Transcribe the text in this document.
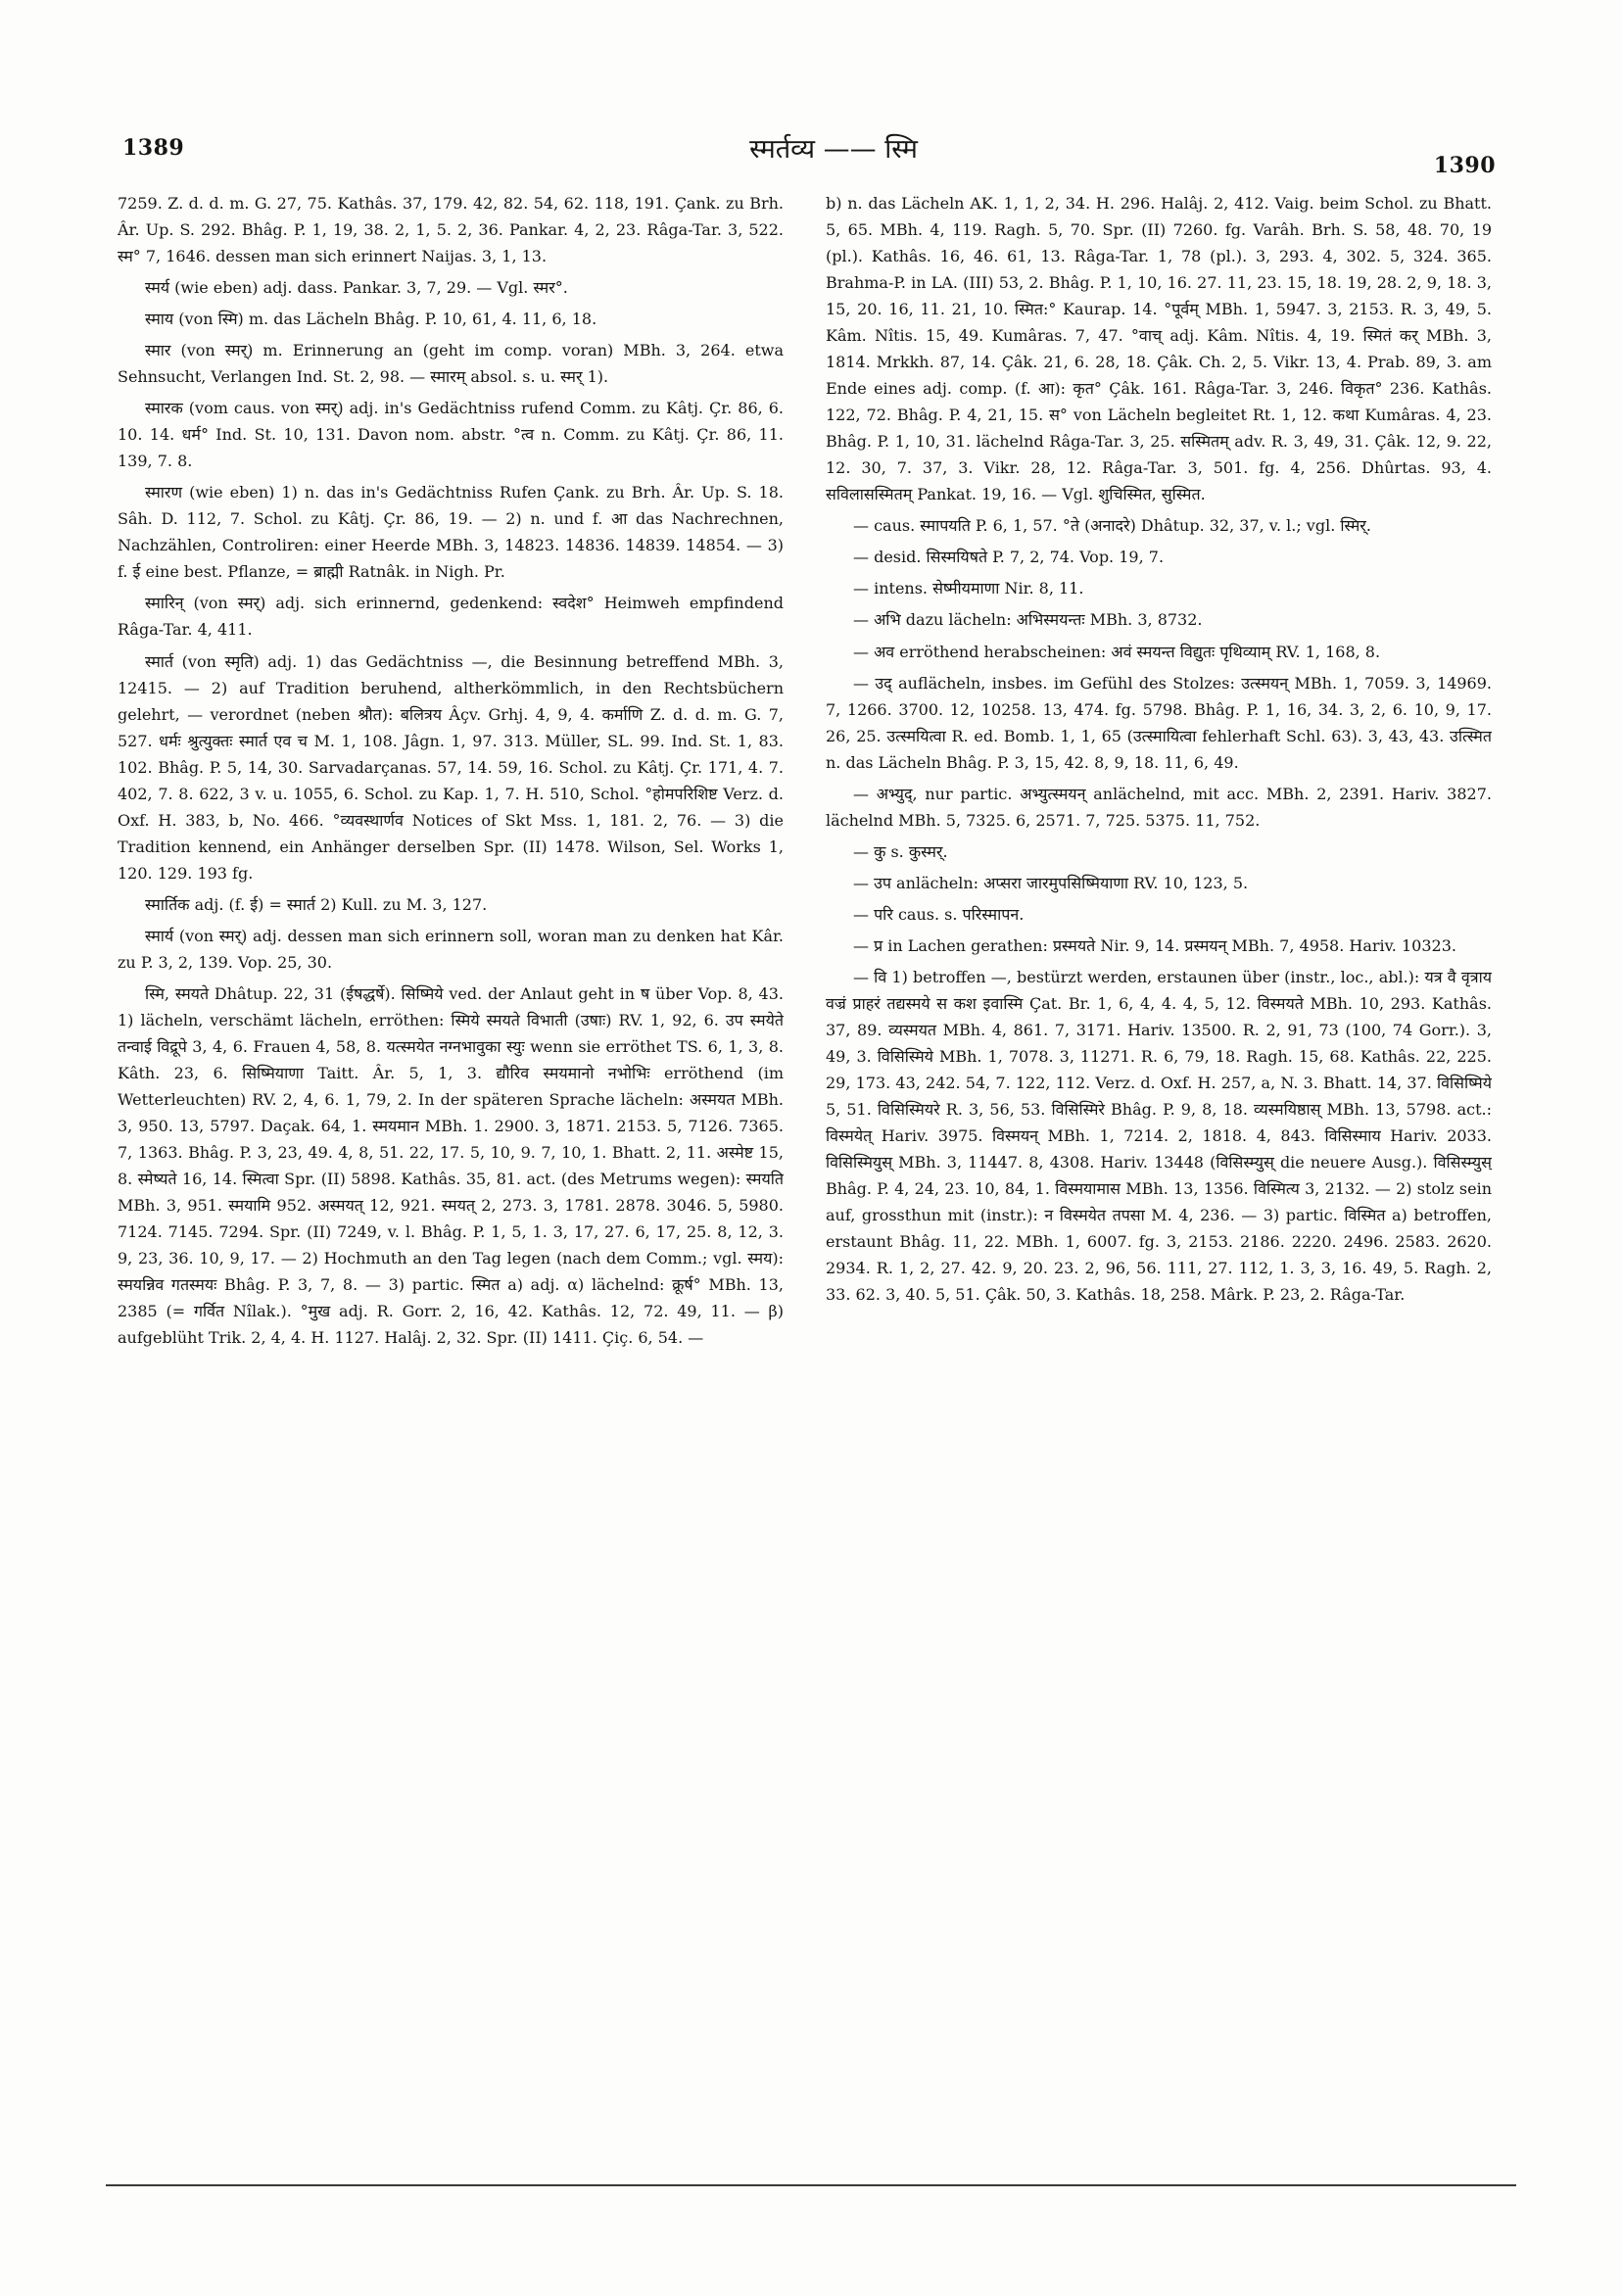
1389	स्मर्तव्य —— स्मि
1390

7259. Z. d. d. m. G. 27, 75. Kathâs. 37, 179. 42, 82. 54, 62. 118, 191. Çank. zu Brh. Âr. Up. S. 292. Bhâg. P. 1, 19, 38. 2, 1, 5. 2, 36. Pankar. 4, 2, 23. Râga-Tar. 3, 522. स्म° 7, 1646. dessen man sich erinnert Naijas. 3, 1, 13.

स्मर्य (wie eben) adj. dass. Pankar. 3, 7, 29. — Vgl. स्मर°.

स्माय (von स्मि) m. das Lächeln Bhâg. P. 10, 61, 4. 11, 6, 18.

स्मार (von स्मर्) m. Erinnerung an (geht im comp. voran) MBh. 3, 264. etwa Sehnsucht, Verlangen Ind. St. 2, 98. — स्मारम् absol. s. u. स्मर् 1).

स्मारक (vom caus. von स्मर्) adj. in's Gedächtniss rufend Comm. zu Kâtj. Çr. 86, 6. 10. 14. धर्म° Ind. St. 10, 131. Davon nom. abstr. °त्व n. Comm. zu Kâtj. Çr. 86, 11. 139, 7. 8.

स्मारण (wie eben) 1) n. das in's Gedächtniss Rufen Çank. zu Brh. Âr. Up. S. 18. Sâh. D. 112, 7. Schol. zu Kâtj. Çr. 86, 19. — 2) n. und f. आ das Nachrechnen, Nachzählen, Controliren: einer Heerde MBh. 3, 14823. 14836. 14839. 14854. — 3) f. ई eine best. Pflanze, = ब्राह्मी Ratnâk. in Nigh. Pr.

स्मारिन् (von स्मर्) adj. sich erinnernd, gedenkend: स्वदेश° Heimweh empfindend Râga-Tar. 4, 411.

स्मार्त (von स्मृति) adj. 1) das Gedächtniss —, die Besinnung betreffend MBh. 3, 12415. — 2) auf Tradition beruhend, altherkömmlich, in den Rechtsbüchern gelehrt, — verordnet (neben श्रौत): बलित्रय Âçv. Grhj. 4, 9, 4. कर्माणि Z. d. d. m. G. 7, 527. धर्मः श्रुत्युक्तः स्मार्त एव च M. 1, 108. Jâgn. 1, 97. 313. Müller, SL. 99. Ind. St. 1, 83. 102. Bhâg. P. 5, 14, 30. Sarvadarçanas. 57, 14. 59, 16. Schol. zu Kâtj. Çr. 171, 4. 7. 402, 7. 8. 622, 3 v. u. 1055, 6. Schol. zu Kap. 1, 7. H. 510, Schol. °होमपरिशिष्ट Verz. d. Oxf. H. 383, b, No. 466. °व्यवस्थार्णव Notices of Skt Mss. 1, 181. 2, 76. — 3) die Tradition kennend, ein Anhänger derselben Spr. (II) 1478. Wilson, Sel. Works 1, 120. 129. 193 fg.

स्मार्तिक adj. (f. ई) = स्मार्त 2) Kull. zu M. 3, 127.

स्मार्य (von स्मर्) adj. dessen man sich erinnern soll, woran man zu denken hat Kâr. zu P. 3, 2, 139. Vop. 25, 30.

स्मि, स्मयते Dhâtup. 22, 31 (ईषद्धर्षे). सिष्मिये ved. der Anlaut geht in ष über Vop. 8, 43. 1) lächeln, verschämt lächeln, erröthen: स्मिये स्मयते विभाती (उषाः) RV. 1, 92, 6. उप स्मयेते तन्वाई विद्रूपे 3, 4, 6. Frauen 4, 58, 8. यत्स्मयेत नग्नभावुका स्युः wenn sie erröthet TS. 6, 1, 3, 8. Kâth. 23, 6. सिष्मियाणा Taitt. Âr. 5, 1, 3. द्यौरिव स्मयमानो नभोभिः erröthend (im Wetterleuchten) RV. 2, 4, 6. 1, 79, 2. In der späteren Sprache lächeln: अस्मयत MBh. 3, 950. 13, 5797. Daçak. 64, 1. स्मयमान MBh. 1. 2900. 3, 1871. 2153. 5, 7126. 7365. 7, 1363. Bhâg. P. 3, 23, 49. 4, 8, 51. 22, 17. 5, 10, 9. 7, 10, 1. Bhatt. 2, 11. अस्मेष्ट 15, 8. स्मेष्यते 16, 14. स्मित्वा Spr. (II) 5898. Kathâs. 35, 81. act. (des Metrums wegen): स्मयति MBh. 3, 951. स्मयामि 952. अस्मयत् 12, 921. स्मयत् 2, 273. 3, 1781. 2878. 3046. 5, 5980. 7124. 7145. 7294. Spr. (II) 7249, v. l. Bhâg. P. 1, 5, 1. 3, 17, 27. 6, 17, 25. 8, 12, 3. 9, 23, 36. 10, 9, 17. — 2) Hochmuth an den Tag legen (nach dem Comm.; vgl. स्मय): स्मयन्निव गतस्मयः Bhâg. P. 3, 7, 8. — 3) partic. स्मित a) adj. α) lächelnd: क्रूर्ष° MBh. 13, 2385 (= गर्वित Nîlak.). °मुख adj. R. Gorr. 2, 16, 42. Kathâs. 12, 72. 49, 11. — β) aufgeblüht Trik. 2, 4, 4. H. 1127. Halâj. 2, 32. Spr. (II) 1411. Çiç. 6, 54. —

b) n. das Lächeln AK. 1, 1, 2, 34. H. 296. Halâj. 2, 412. Vaig. beim Schol. zu Bhatt. 5, 65. MBh. 4, 119. Ragh. 5, 70. Spr. (II) 7260. fg. Varâh. Brh. S. 58, 48. 70, 19 (pl.). Kathâs. 16, 46. 61, 13. Râga-Tar. 1, 78 (pl.). 3, 293. 4, 302. 5, 324. 365. Brahma-P. in LA. (III) 53, 2. Bhâg. P. 1, 10, 16. 27. 11, 23. 15, 18. 19, 28. 2, 9, 18. 3, 15, 20. 16, 11. 21, 10. स्मित:° Kaurap. 14. °पूर्वम् MBh. 1, 5947. 3, 2153. R. 3, 49, 5. Kâm. Nîtis. 15, 49. Kumâras. 7, 47. °वाच् adj. Kâm. Nîtis. 4, 19. स्मितं कर् MBh. 3, 1814. Mrkkh. 87, 14. Çâk. 21, 6. 28, 18. Çâk. Ch. 2, 5. Vikr. 13, 4. Prab. 89, 3. am Ende eines adj. comp. (f. आ): कृत° Çâk. 161. Râga-Tar. 3, 246. विकृत° 236. Kathâs. 122, 72. Bhâg. P. 4, 21, 15. स° von Lächeln begleitet Rt. 1, 12. कथा Kumâras. 4, 23. Bhâg. P. 1, 10, 31. lächelnd Râga-Tar. 3, 25. सस्मितम् adv. R. 3, 49, 31. Çâk. 12, 9. 22, 12. 30, 7. 37, 3. Vikr. 28, 12. Râga-Tar. 3, 501. fg. 4, 256. Dhûrtas. 93, 4. सविलासस्मितम् Pankat. 19, 16. — Vgl. शुचिस्मित, सुस्मित.

— caus. स्मापयति P. 6, 1, 57. °ते (अनादरे) Dhâtup. 32, 37, v. l.; vgl. स्मिर्.

— desid. सिस्मयिषते P. 7, 2, 74. Vop. 19, 7.

— intens. सेष्मीयमाणा Nir. 8, 11.

— अभि dazu lächeln: अभिस्मयन्तः MBh. 3, 8732.

— अव erröthend herabscheinen: अवं स्मयन्त विद्युतः पृथिव्याम् RV. 1, 168, 8.

— उद् auflächeln, insbes. im Gefühl des Stolzes: उत्स्मयन् MBh. 1, 7059. 3, 14969. 7, 1266. 3700. 12, 10258. 13, 474. fg. 5798. Bhâg. P. 1, 16, 34. 3, 2, 6. 10, 9, 17. 26, 25. उत्स्मयित्वा R. ed. Bomb. 1, 1, 65 (उत्स्मायित्वा fehlerhaft Schl. 63). 3, 43, 43. उत्स्मित n. das Lächeln Bhâg. P. 3, 15, 42. 8, 9, 18. 11, 6, 49.

— अभ्युद्, nur partic. अभ्युत्स्मयन् anlächelnd, mit acc. MBh. 2, 2391. Hariv. 3827. lächelnd MBh. 5, 7325. 6, 2571. 7, 725. 5375. 11, 752.

— कु s. कुस्मर्.

— उप anlächeln: अप्सरा जारमुपसिष्मियाणा RV. 10, 123, 5.

— परि caus. s. परिस्मापन.

— प्र in Lachen gerathen: प्रस्मयते Nir. 9, 14. प्रस्मयन् MBh. 7, 4958. Hariv. 10323.

— वि 1) betroffen —, bestürzt werden, erstaunen über (instr., loc., abl.): यत्र वै वृत्राय वज्रं प्राहरं तद्यस्मये स कश इवास्मि Çat. Br. 1, 6, 4, 4. 4, 5, 12. विस्मयते MBh. 10, 293. Kathâs. 37, 89. व्यस्मयत MBh. 4, 861. 7, 3171. Hariv. 13500. R. 2, 91, 73 (100, 74 Gorr.). 3, 49, 3. विसिस्मिये MBh. 1, 7078. 3, 11271. R. 6, 79, 18. Ragh. 15, 68. Kathâs. 22, 225. 29, 173. 43, 242. 54, 7. 122, 112. Verz. d. Oxf. H. 257, a, N. 3. Bhatt. 14, 37. विसिष्मिये 5, 51. विसिस्मियरे R. 3, 56, 53. विसिस्मिरे Bhâg. P. 9, 8, 18. व्यस्मयिष्ठास् MBh. 13, 5798. act.: विस्मयेत् Hariv. 3975. विस्मयन् MBh. 1, 7214. 2, 1818. 4, 843. विसिस्माय Hariv. 2033. विसिस्मियुस् MBh. 3, 11447. 8, 4308. Hariv. 13448 (विसिस्म्युस् die neuere Ausg.). विसिस्म्युस् Bhâg. P. 4, 24, 23. 10, 84, 1. विस्मयामास MBh. 13, 1356. विस्मित्य 3, 2132. — 2) stolz sein auf, grossthun mit (instr.): न विस्मयेत तपसा M. 4, 236. — 3) partic. विस्मित a) betroffen, erstaunt Bhâg. 11, 22. MBh. 1, 6007. fg. 3, 2153. 2186. 2220. 2496. 2583. 2620. 2934. R. 1, 2, 27. 42. 9, 20. 23. 2, 96, 56. 111, 27. 112, 1. 3, 3, 16. 49, 5. Ragh. 2, 33. 62. 3, 40. 5, 51. Çâk. 50, 3. Kathâs. 18, 258. Mârk. P. 23, 2. Râga-Tar.
